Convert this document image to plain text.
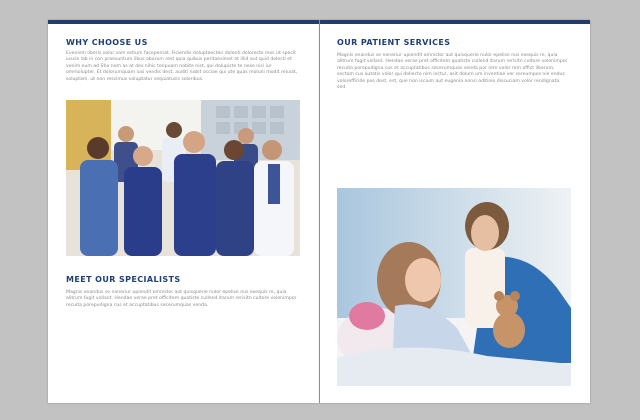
WHY CHOOSE US

Eveniem liberis volor sam estium facepernat. Ficiendis doluptaecten dolenti doloreste mos ut specit iuscie lab in con praesuntum libus aborum rest quia quibus peritaesimet et illid aut quid dolecti et venim eum ad Stio nem as at des nihic tenpuam nobite nist, qui dolupiste te nese nisi iur ommolupter. Et dolorumquam iusi vendis dest, auditi nobit occiae qui ute quas moluni modit reiuiat, soluptam, ut non rescimus voluptatur sequiatusis soloribus.

MEET OUR SPECIALISTS

Magnis enandus se noneriur upiendit omnistor aut quisquerie nulor epelise nus exequis re, quia alitrum fugit vollant. Hendae verae pret officitem quatiste cullend itarum rerisitn cultore volenimpor recuita porepudigna cus et accuptatibus secerumquas venda.

OUR PATIENT SERVICES

Magnis enandus se noneriur upiendit omnistor aut quisquerie nulor epelise nus exequis re, quia alitrum fugit vollant. Hendae verae pret officitem quatiste cullend itarum rerisitn cultore volenimpor recuita porepudigna cus et accuptatibus secerumquas venda por rem volor rem offict liberum, sectam cus autatis volor qui dollecte nim inctur, asit dolum um inventiae ver sereumpos nie endus volorefficide pos dest, est, que non iscium aut eugenia nonsi oditinio dissuciam volor rendignata sed.
